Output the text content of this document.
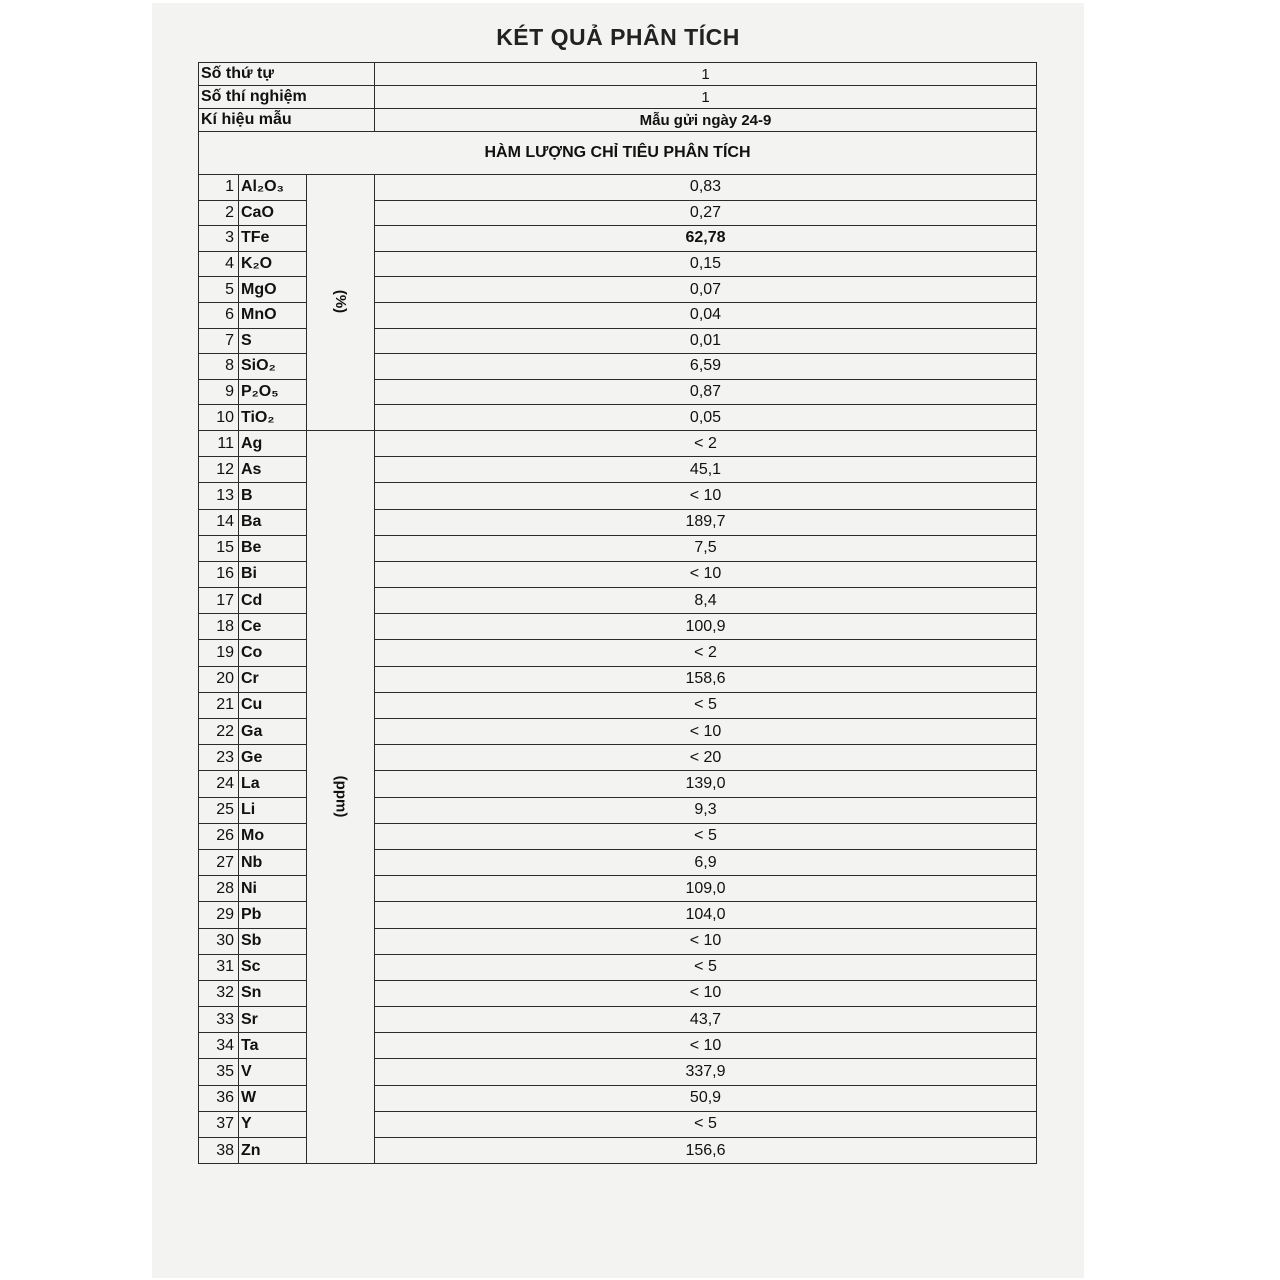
KÉT QUẢ PHÂN TÍCH
Số thứ tự			1
Số thí nghiệm			1
Kí hiệu mẫu			Mẫu gửi ngày 24-9
HÀM LƯỢNG CHỈ TIÊU PHÂN TÍCH			
1	Al₂O₃	(%)	0,83
2	CaO		0,27
3	TFe		62,78
4	K₂O		0,15
5	MgO		0,07
6	MnO		0,04
7	S		0,01
8	SiO₂		6,59
9	P₂O₅		0,87
10	TiO₂		0,05
11	Ag	(ppm)	< 2
12	As		45,1
13	B		< 10
14	Ba		189,7
15	Be		7,5
16	Bi		< 10
17	Cd		8,4
18	Ce		100,9
19	Co		< 2
20	Cr		158,6
21	Cu		< 5
22	Ga		< 10
23	Ge		< 20
24	La		139,0
25	Li		9,3
26	Mo		< 5
27	Nb		6,9
28	Ni		109,0
29	Pb		104,0
30	Sb		< 10
31	Sc		< 5
32	Sn		< 10
33	Sr		43,7
34	Ta		< 10
35	V		337,9
36	W		50,9
37	Y		< 5
38	Zn		156,6
